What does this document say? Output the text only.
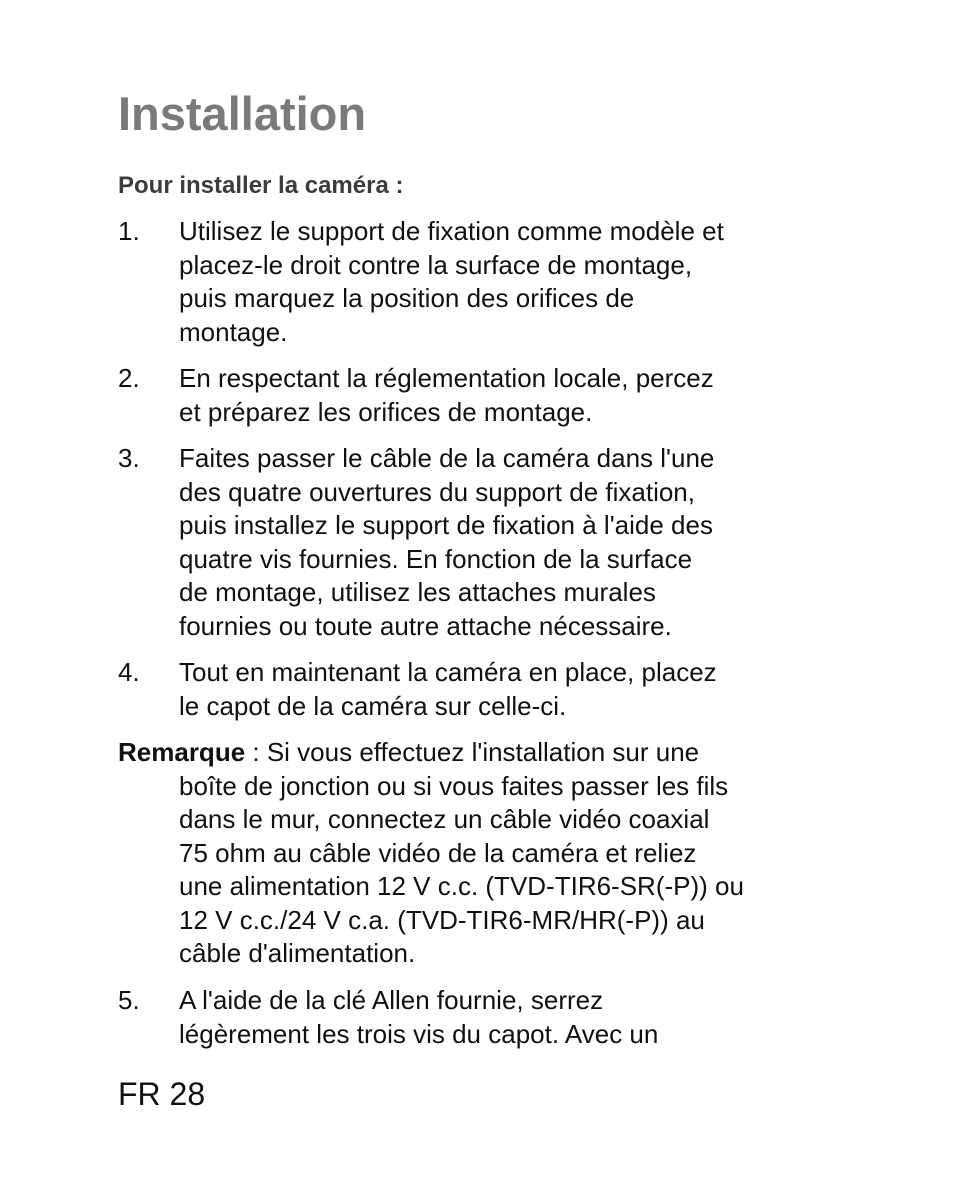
Installation
Pour installer la caméra :
1.	Utilisez le support de fixation comme modèle et
placez-le droit contre la surface de montage,
puis marquez la position des orifices de
montage.
2.	En respectant la réglementation locale, percez
et préparez les orifices de montage.
3.	Faites passer le câble de la caméra dans l'une
des quatre ouvertures du support de fixation,
puis installez le support de fixation à l'aide des
quatre vis fournies. En fonction de la surface
de montage, utilisez les attaches murales
fournies ou toute autre attache nécessaire.
4.	Tout en maintenant la caméra en place, placez
le capot de la caméra sur celle-ci.
Remarque : Si vous effectuez l'installation sur une
boîte de jonction ou si vous faites passer les fils
dans le mur, connectez un câble vidéo coaxial
75 ohm au câble vidéo de la caméra et reliez
une alimentation 12 V c.c. (TVD-TIR6-SR(-P)) ou
12 V c.c./24 V c.a. (TVD-TIR6-MR/HR(-P)) au
câble d'alimentation.
5.	A l'aide de la clé Allen fournie, serrez
légèrement les trois vis du capot. Avec un
FR 28
